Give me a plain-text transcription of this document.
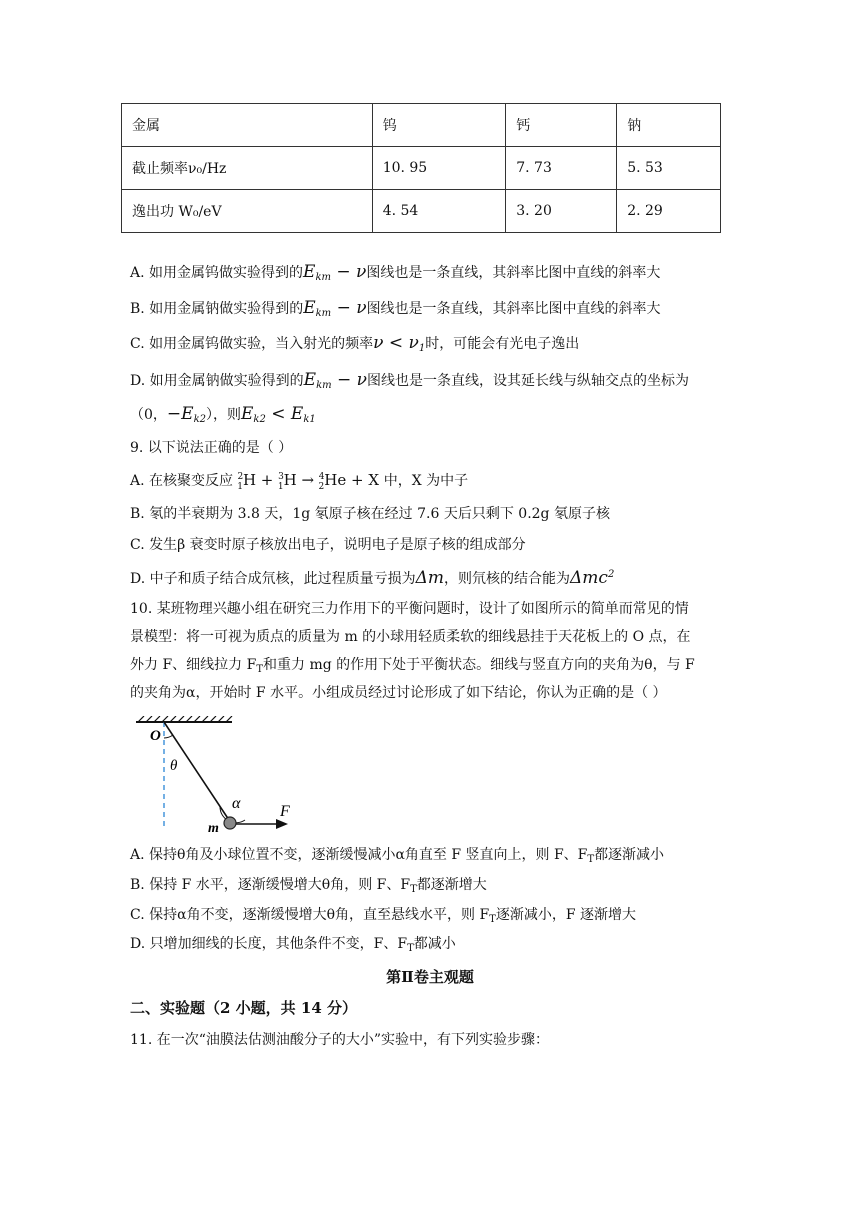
金属	钨	钙	钠
截止频率ν₀/Hz	10. 95	7. 73	5. 53
逸出功 W₀/eV	4. 54	3. 20	2. 29
A. 如用金属钨做实验得到的$E_{km} - \nu$图线也是一条直线，其斜率比图中直线的斜率大
B. 如用金属钠做实验得到的$E_{km} - \nu$图线也是一条直线，其斜率比图中直线的斜率大
C. 如用金属钨做实验，当入射光的频率$\nu < \nu_1$时，可能会有光电子逸出
D. 如用金属钠做实验得到的$E_{km} - \nu$图线也是一条直线，设其延长线与纵轴交点的坐标为
（0，$-E_{k2}$），则$E_{k2} < E_{k1}$
9. 以下说法正确的是（ ）
A. 在核聚变反应 $^2_1$H + $^3_1$H → $^4_2$He + X 中，X 为中子
B. 氡的半衰期为 3.8 天，1g 氡原子核在经过 7.6 天后只剩下 0.2g 氡原子核
C. 发生β 衰变时原子核放出电子，说明电子是原子核的组成部分
D. 中子和质子结合成氘核，此过程质量亏损为Δm，则氘核的结合能为Δmc$^2$
10. 某班物理兴趣小组在研究三力作用下的平衡问题时，设计了如图所示的简单而常见的情
景模型：将一可视为质点的质量为 m 的小球用轻质柔软的细线悬挂于天花板上的 O 点，在
外力 F、细线拉力 $F_T$和重力 mg 的作用下处于平衡状态。细线与竖直方向的夹角为θ，与 F
的夹角为α，开始时 F 水平。小组成员经过讨论形成了如下结论，你认为正确的是（ ）
O
θ
α F
m
A. 保持θ角及小球位置不变，逐渐缓慢减小α角直至 F 竖直向上，则 F、$F_T$都逐渐减小
B. 保持 F 水平，逐渐缓慢增大θ角，则 F、$F_T$都逐渐增大
C. 保持α角不变，逐渐缓慢增大θ角，直至悬线水平，则 $F_T$逐渐减小，F 逐渐增大
D. 只增加细线的长度，其他条件不变，F、$F_T$都减小
第Ⅱ卷主观题
二、实验题（2 小题，共 14 分）
11. 在一次“油膜法估测油酸分子的大小”实验中，有下列实验步骤：
